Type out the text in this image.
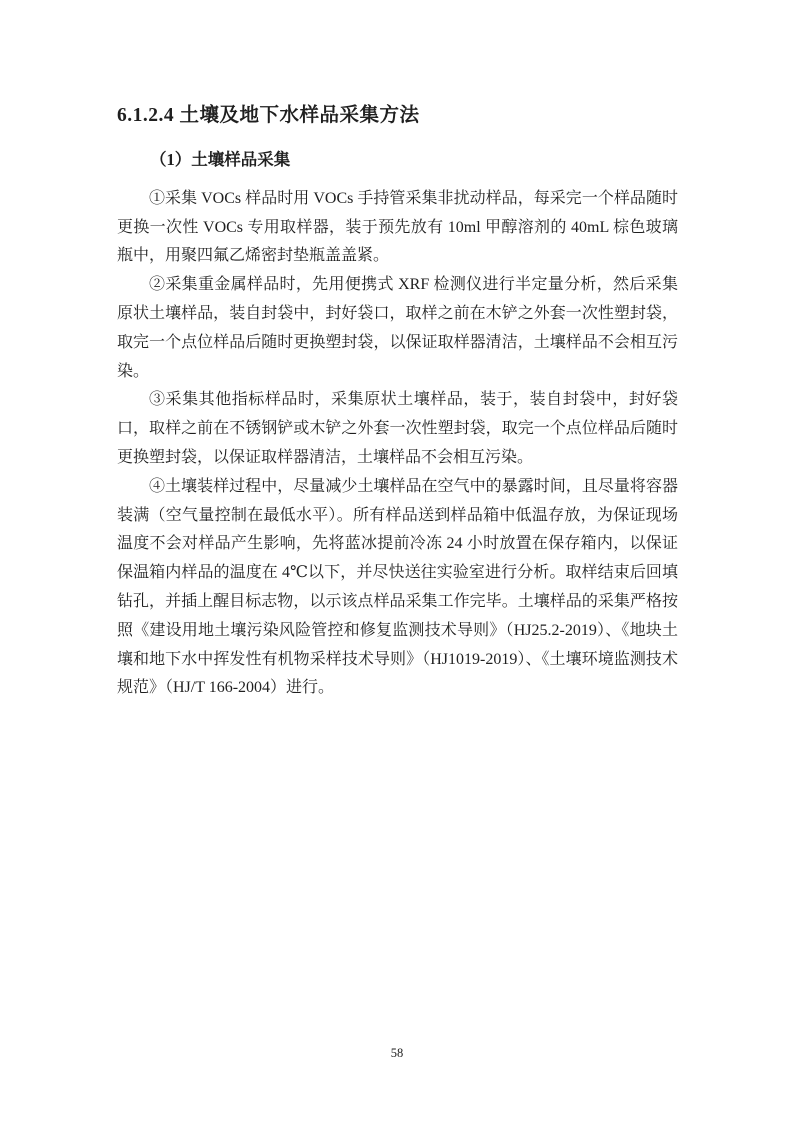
6.1.2.4 土壤及地下水样品采集方法
（1）土壤样品采集

①采集 VOCs 样品时用 VOCs 手持管采集非扰动样品，每采完一个样品随时更换一次性 VOCs 专用取样器，装于预先放有 10ml 甲醇溶剂的 40mL 棕色玻璃瓶中，用聚四氟乙烯密封垫瓶盖盖紧。

②采集重金属样品时，先用便携式 XRF 检测仪进行半定量分析，然后采集原状土壤样品，装自封袋中，封好袋口，取样之前在木铲之外套一次性塑封袋，取完一个点位样品后随时更换塑封袋，以保证取样器清洁，土壤样品不会相互污染。

③采集其他指标样品时，采集原状土壤样品，装于，装自封袋中，封好袋口，取样之前在不锈钢铲或木铲之外套一次性塑封袋，取完一个点位样品后随时更换塑封袋，以保证取样器清洁，土壤样品不会相互污染。

④土壤装样过程中，尽量减少土壤样品在空气中的暴露时间，且尽量将容器装满（空气量控制在最低水平）。所有样品送到样品箱中低温存放，为保证现场温度不会对样品产生影响，先将蓝冰提前冷冻 24 小时放置在保存箱内，以保证保温箱内样品的温度在 4℃以下，并尽快送往实验室进行分析。取样结束后回填钻孔，并插上醒目标志物，以示该点样品采集工作完毕。土壤样品的采集严格按照《建设用地土壤污染风险管控和修复监测技术导则》（HJ25.2-2019）、《地块土壤和地下水中挥发性有机物采样技术导则》（HJ1019-2019）、《土壤环境监测技术规范》（HJ/T 166-2004）进行。

58
